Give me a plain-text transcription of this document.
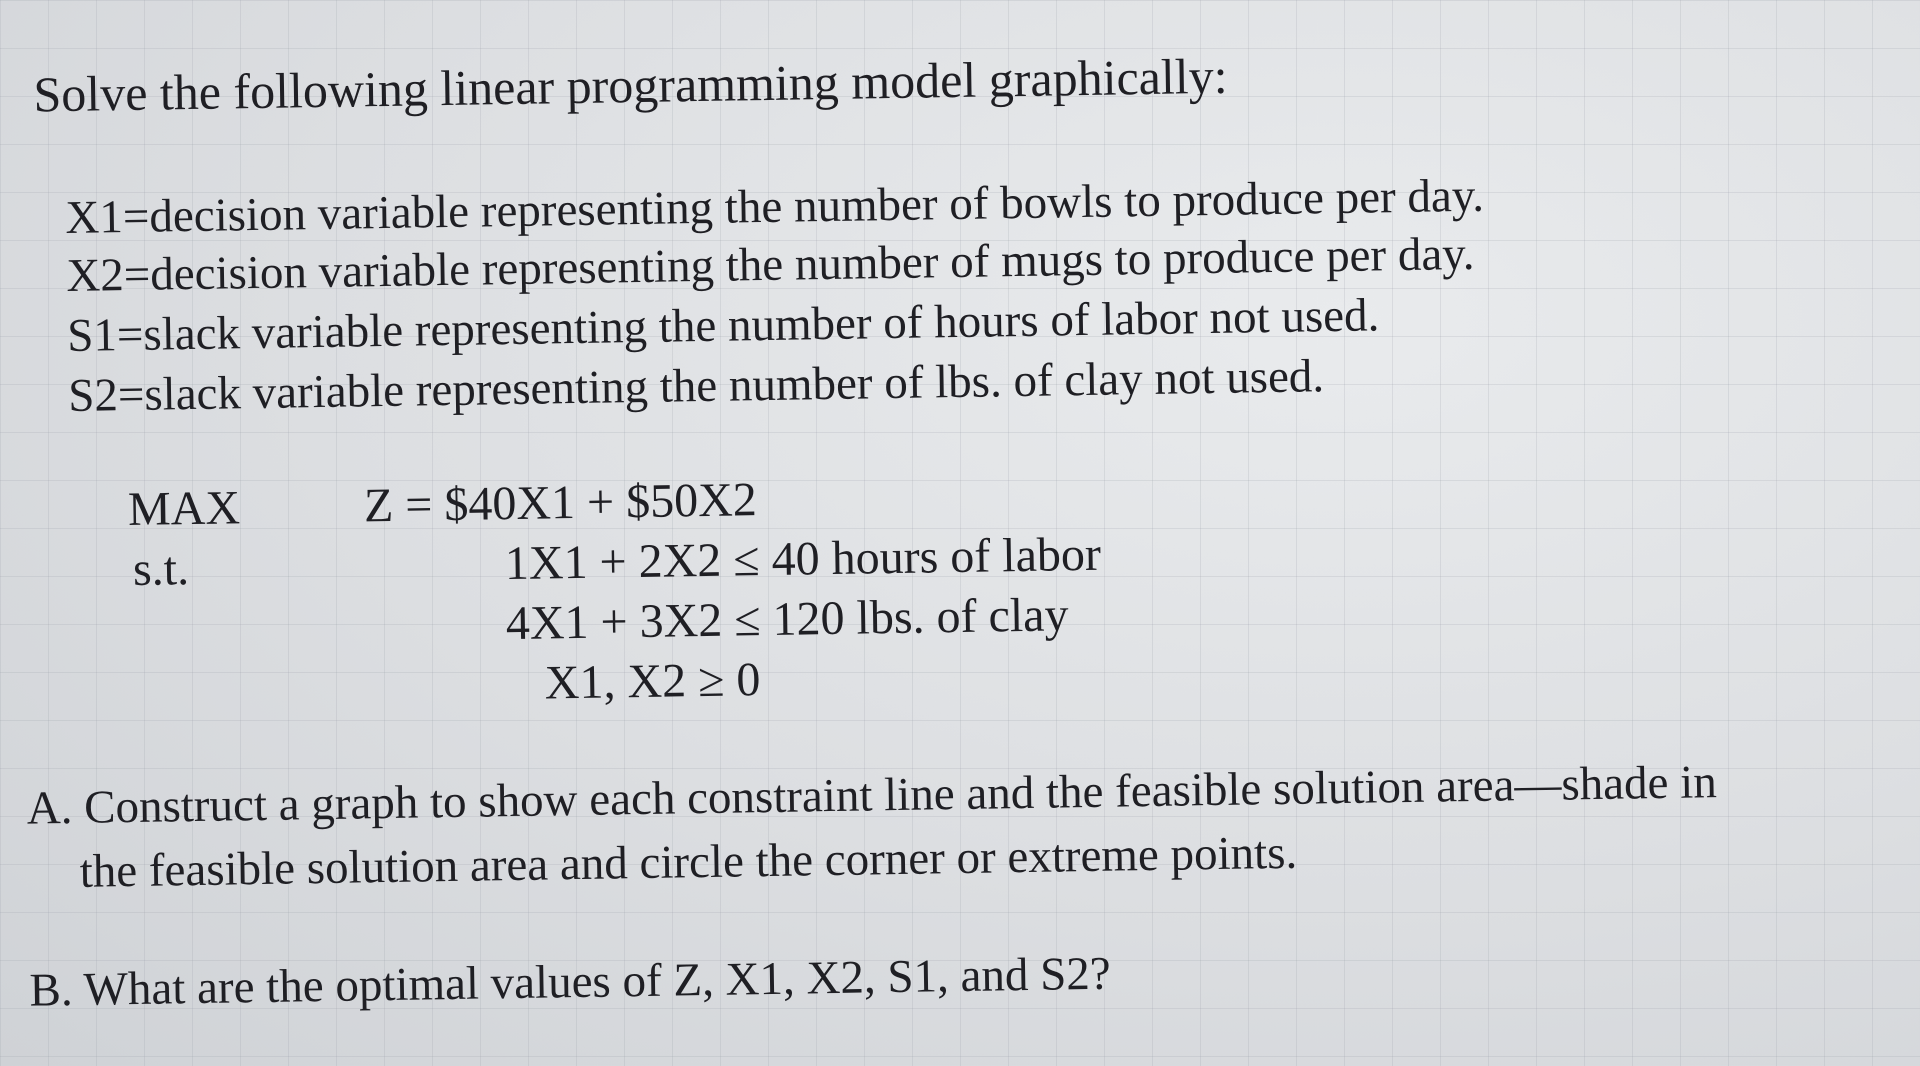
Solve the following linear programming model graphically:
X1=decision variable representing the number of bowls to produce per day.
X2=decision variable representing the number of mugs to produce per day.
S1=slack variable representing the number of hours of labor not used.
S2=slack variable representing the number of lbs. of clay not used.
MAX
s.t.
Z = $40X1 + $50X2
1X1 + 2X2 ≤ 40 hours of labor
4X1 + 3X2 ≤ 120 lbs. of clay
X1, X2 ≥ 0
A. Construct a graph to show each constraint line and the feasible solution area—shade in
the feasible solution area and circle the corner or extreme points.
B. What are the optimal values of Z, X1, X2, S1, and S2?
